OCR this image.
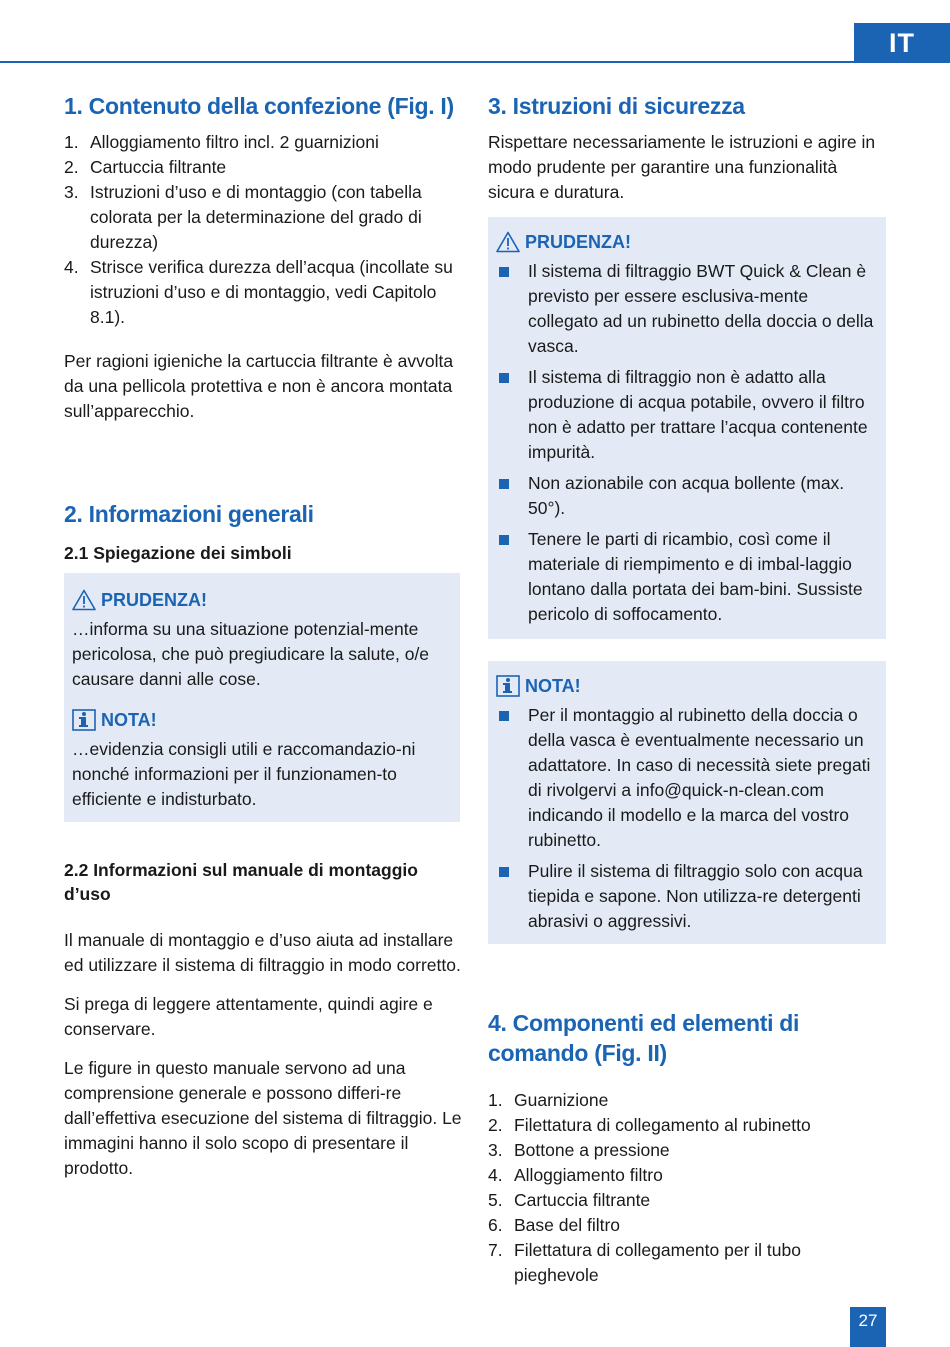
IT
1. Contenuto della confezione (Fig. I)
1. Alloggiamento filtro incl. 2 guarnizioni
2. Cartuccia filtrante
3. Istruzioni d’uso e di montaggio (con tabella colorata per la determinazione del grado di durezza)
4. Strisce verifica durezza dell’acqua (incollate su istruzioni d’uso e di montaggio, vedi Capitolo 8.1).

Per ragioni igieniche la cartuccia filtrante è avvolta da una pellicola protettiva e non è ancora montata sull’apparecchio.

2. Informazioni generali
2.1 Spiegazione dei simboli
PRUDENZA!

…informa su una situazione potenzial-mente pericolosa, che può pregiudicare la salute, o/e causare danni alle cose.

NOTA!

…evidenzia consigli utili e raccomandazio-ni nonché informazioni per il funzionamen-to efficiente e indisturbato.

2.2 Informazioni sul manuale di montaggio d’uso

Il manuale di montaggio e d’uso aiuta ad installare ed utilizzare il sistema di filtraggio in modo corretto.

Si prega di leggere attentamente, quindi agire e conservare.

Le figure in questo manuale servono ad una comprensione generale e possono differi-re dall’effettiva esecuzione del sistema di filtraggio. Le immagini hanno il solo scopo di presentare il prodotto.

3. Istruzioni di sicurezza

Rispettare necessariamente le istruzioni e agire in modo prudente per garantire una funzionalità sicura e duratura.

PRUDENZA!
Il sistema di filtraggio BWT Quick & Clean è previsto per essere esclusiva-mente collegato ad un rubinetto della doccia o della vasca.
Il sistema di filtraggio non è adatto alla produzione di acqua potabile, ovvero il filtro non è adatto per trattare l’acqua contenente impurità.
Non azionabile con acqua bollente (max. 50°).
Tenere le parti di ricambio, così come il materiale di riempimento e di imbal-laggio lontano dalla portata dei bam-bini. Sussiste pericolo di soffocamento.
NOTA!
Per il montaggio al rubinetto della doccia o della vasca è eventualmente necessario un adattatore. In caso di necessità siete pregati di rivolgervi a info@quick-n-clean.com indicando il modello e la marca del vostro rubinetto.
Pulire il sistema di filtraggio solo con acqua tiepida e sapone. Non utilizza-re detergenti abrasivi o aggressivi.
4. Componenti ed elementi di comando (Fig. II)
1. Guarnizione
2. Filettatura di collegamento al rubinetto
3. Bottone a pressione
4. Alloggiamento filtro
5. Cartuccia filtrante
6. Base del filtro
7. Filettatura di collegamento per il tubo pieghevole
27
